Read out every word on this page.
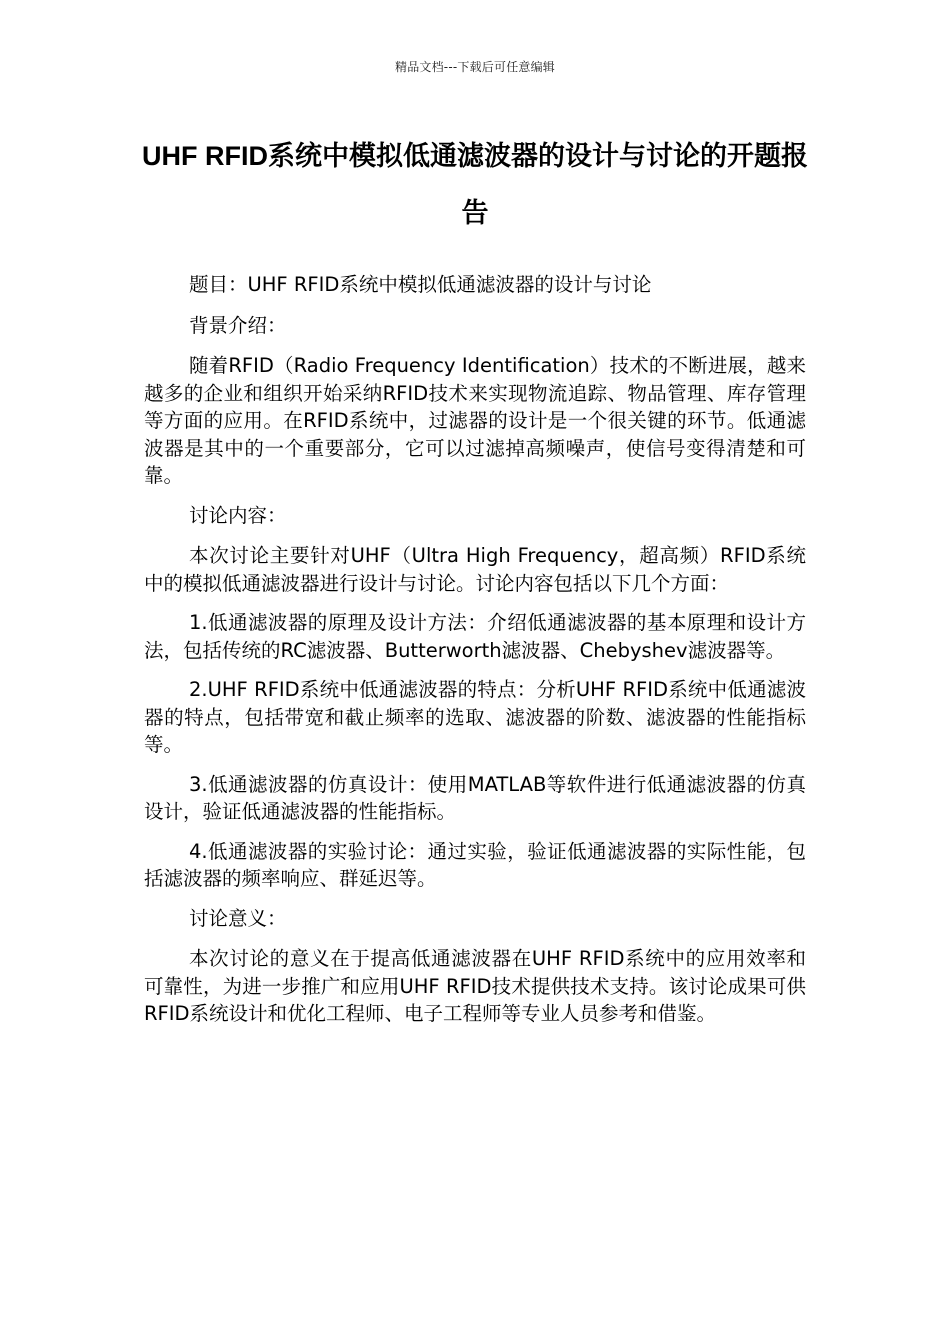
精品文档---下载后可任意编辑
UHF RFID系统中模拟低通滤波器的设计与讨论的开题报告

题目：UHF RFID系统中模拟低通滤波器的设计与讨论

背景介绍：

随着RFID（Radio Frequency Identification）技术的不断进展，越来越多的企业和组织开始采纳RFID技术来实现物流追踪、物品管理、库存管理等方面的应用。在RFID系统中，过滤器的设计是一个很关键的环节。低通滤波器是其中的一个重要部分，它可以过滤掉高频噪声，使信号变得清楚和可靠。

讨论内容：

本次讨论主要针对UHF（Ultra High Frequency，超高频）RFID系统中的模拟低通滤波器进行设计与讨论。讨论内容包括以下几个方面：

1.低通滤波器的原理及设计方法：介绍低通滤波器的基本原理和设计方法，包括传统的RC滤波器、Butterworth滤波器、Chebyshev滤波器等。

2.UHF RFID系统中低通滤波器的特点：分析UHF RFID系统中低通滤波器的特点，包括带宽和截止频率的选取、滤波器的阶数、滤波器的性能指标等。

3.低通滤波器的仿真设计：使用MATLAB等软件进行低通滤波器的仿真设计，验证低通滤波器的性能指标。

4.低通滤波器的实验讨论：通过实验，验证低通滤波器的实际性能，包括滤波器的频率响应、群延迟等。

讨论意义：

本次讨论的意义在于提高低通滤波器在UHF RFID系统中的应用效率和可靠性，为进一步推广和应用UHF RFID技术提供技术支持。该讨论成果可供RFID系统设计和优化工程师、电子工程师等专业人员参考和借鉴。
